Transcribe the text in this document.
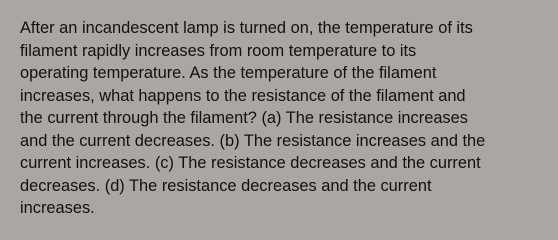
After an incandescent lamp is turned on, the temperature of its
filament rapidly increases from room temperature to its
operating temperature. As the temperature of the filament
increases, what happens to the resistance of the filament and
the current through the filament? (a) The resistance increases
and the current decreases. (b) The resistance increases and the
current increases. (c) The resistance decreases and the current
decreases. (d) The resistance decreases and the current
increases.
